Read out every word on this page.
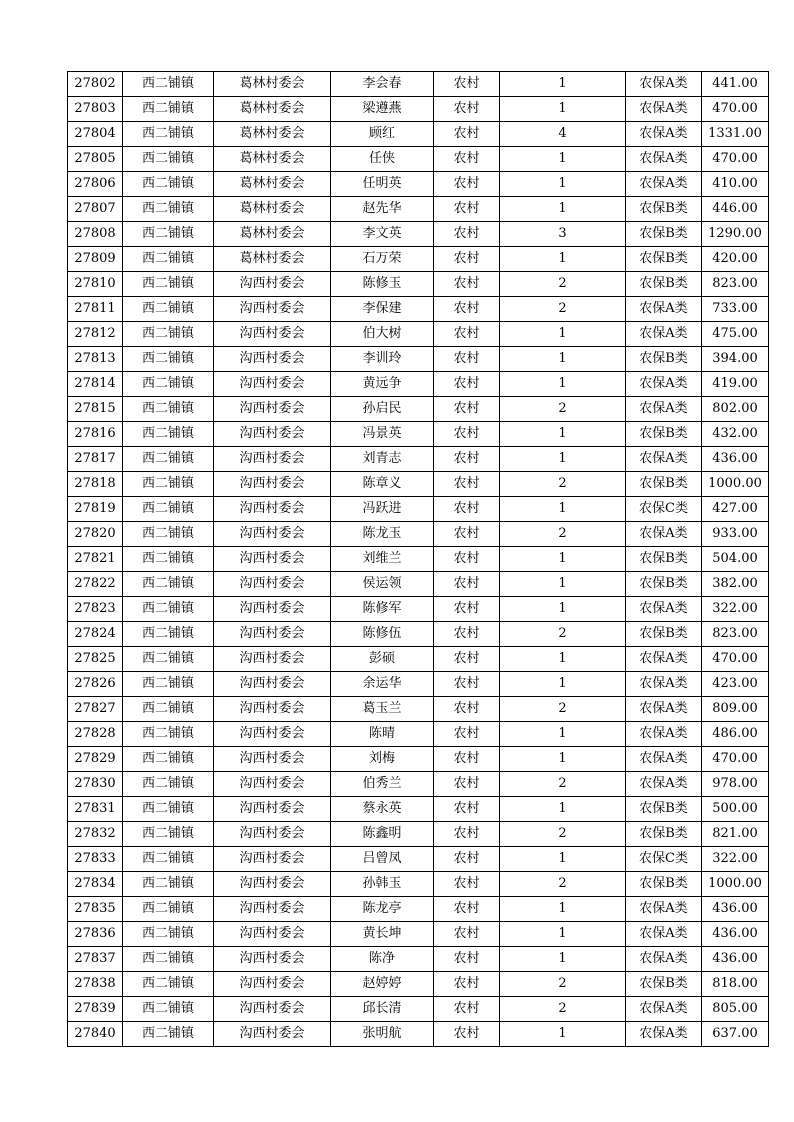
27802	西二铺镇	葛林村委会	李会春	农村	1	农保A类	441.00
27803	西二铺镇	葛林村委会	梁遵燕	农村	1	农保A类	470.00
27804	西二铺镇	葛林村委会	顾红	农村	4	农保A类	1331.00
27805	西二铺镇	葛林村委会	任侠	农村	1	农保A类	470.00
27806	西二铺镇	葛林村委会	任明英	农村	1	农保A类	410.00
27807	西二铺镇	葛林村委会	赵先华	农村	1	农保B类	446.00
27808	西二铺镇	葛林村委会	李文英	农村	3	农保B类	1290.00
27809	西二铺镇	葛林村委会	石万荣	农村	1	农保B类	420.00
27810	西二铺镇	沟西村委会	陈修玉	农村	2	农保B类	823.00
27811	西二铺镇	沟西村委会	李保建	农村	2	农保A类	733.00
27812	西二铺镇	沟西村委会	伯大树	农村	1	农保A类	475.00
27813	西二铺镇	沟西村委会	李训玲	农村	1	农保B类	394.00
27814	西二铺镇	沟西村委会	黄远争	农村	1	农保A类	419.00
27815	西二铺镇	沟西村委会	孙启民	农村	2	农保A类	802.00
27816	西二铺镇	沟西村委会	冯景英	农村	1	农保B类	432.00
27817	西二铺镇	沟西村委会	刘青志	农村	1	农保A类	436.00
27818	西二铺镇	沟西村委会	陈章义	农村	2	农保B类	1000.00
27819	西二铺镇	沟西村委会	冯跃进	农村	1	农保C类	427.00
27820	西二铺镇	沟西村委会	陈龙玉	农村	2	农保A类	933.00
27821	西二铺镇	沟西村委会	刘维兰	农村	1	农保B类	504.00
27822	西二铺镇	沟西村委会	侯运领	农村	1	农保B类	382.00
27823	西二铺镇	沟西村委会	陈修军	农村	1	农保A类	322.00
27824	西二铺镇	沟西村委会	陈修伍	农村	2	农保B类	823.00
27825	西二铺镇	沟西村委会	彭硕	农村	1	农保A类	470.00
27826	西二铺镇	沟西村委会	余运华	农村	1	农保A类	423.00
27827	西二铺镇	沟西村委会	葛玉兰	农村	2	农保A类	809.00
27828	西二铺镇	沟西村委会	陈晴	农村	1	农保A类	486.00
27829	西二铺镇	沟西村委会	刘梅	农村	1	农保A类	470.00
27830	西二铺镇	沟西村委会	伯秀兰	农村	2	农保A类	978.00
27831	西二铺镇	沟西村委会	蔡永英	农村	1	农保B类	500.00
27832	西二铺镇	沟西村委会	陈鑫明	农村	2	农保B类	821.00
27833	西二铺镇	沟西村委会	吕曾凤	农村	1	农保C类	322.00
27834	西二铺镇	沟西村委会	孙韩玉	农村	2	农保B类	1000.00
27835	西二铺镇	沟西村委会	陈龙亭	农村	1	农保A类	436.00
27836	西二铺镇	沟西村委会	黄长坤	农村	1	农保A类	436.00
27837	西二铺镇	沟西村委会	陈净	农村	1	农保A类	436.00
27838	西二铺镇	沟西村委会	赵婷婷	农村	2	农保B类	818.00
27839	西二铺镇	沟西村委会	邱长清	农村	2	农保A类	805.00
27840	西二铺镇	沟西村委会	张明航	农村	1	农保A类	637.00
